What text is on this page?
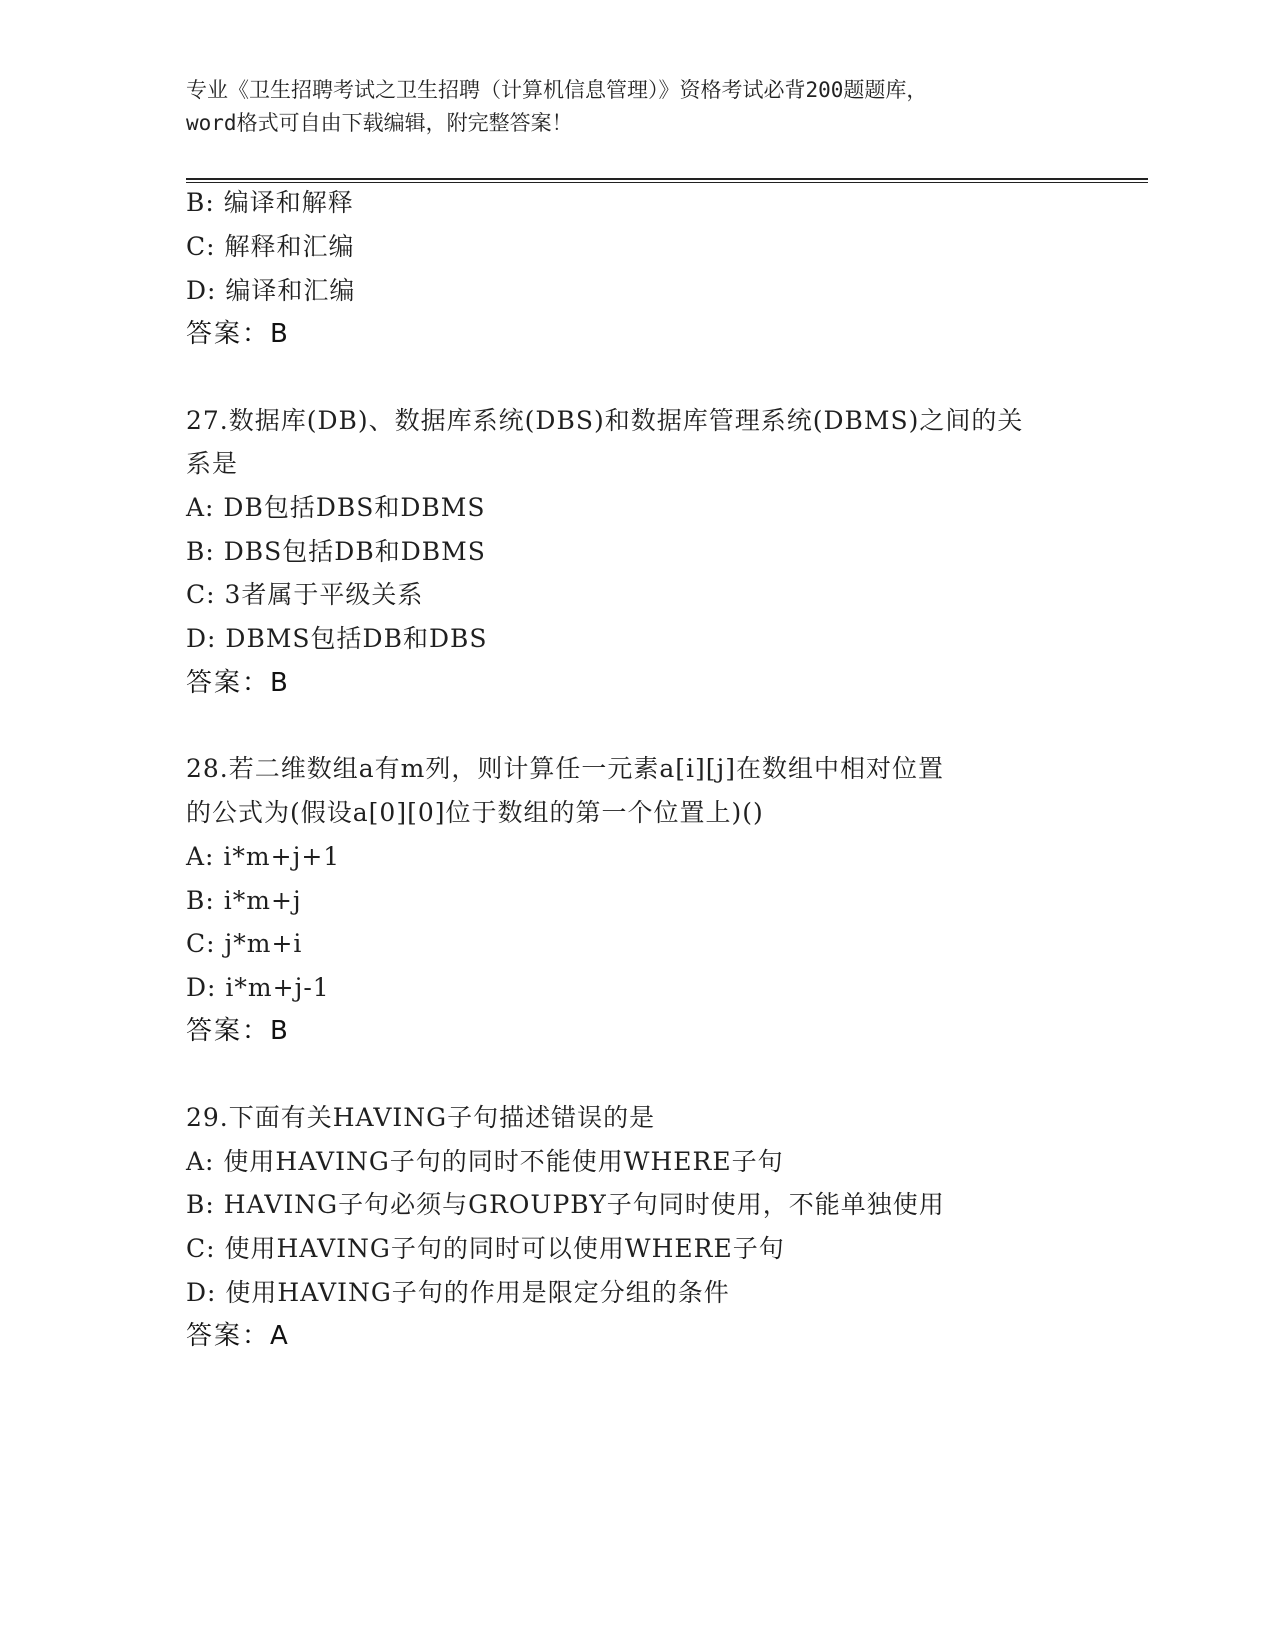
专业《卫生招聘考试之卫生招聘（计算机信息管理）》资格考试必背200题题库，
word格式可自由下载编辑，附完整答案！
B: 编译和解释
C: 解释和汇编
D: 编译和汇编
答案：B
27.数据库(DB)、数据库系统(DBS)和数据库管理系统(DBMS)之间的关
系是
A: DB包括DBS和DBMS
B: DBS包括DB和DBMS
C: 3者属于平级关系
D: DBMS包括DB和DBS
答案：B
28.若二维数组a有m列，则计算任一元素a[i][j]在数组中相对位置
的公式为(假设a[0][0]位于数组的第一个位置上)()
A: i*m+j+1
B: i*m+j
C: j*m+i
D: i*m+j-1
答案：B
29.下面有关HAVING子句描述错误的是
A: 使用HAVING子句的同时不能使用WHERE子句
B: HAVING子句必须与GROUPBY子句同时使用，不能单独使用
C: 使用HAVING子句的同时可以使用WHERE子句
D: 使用HAVING子句的作用是限定分组的条件
答案：A
